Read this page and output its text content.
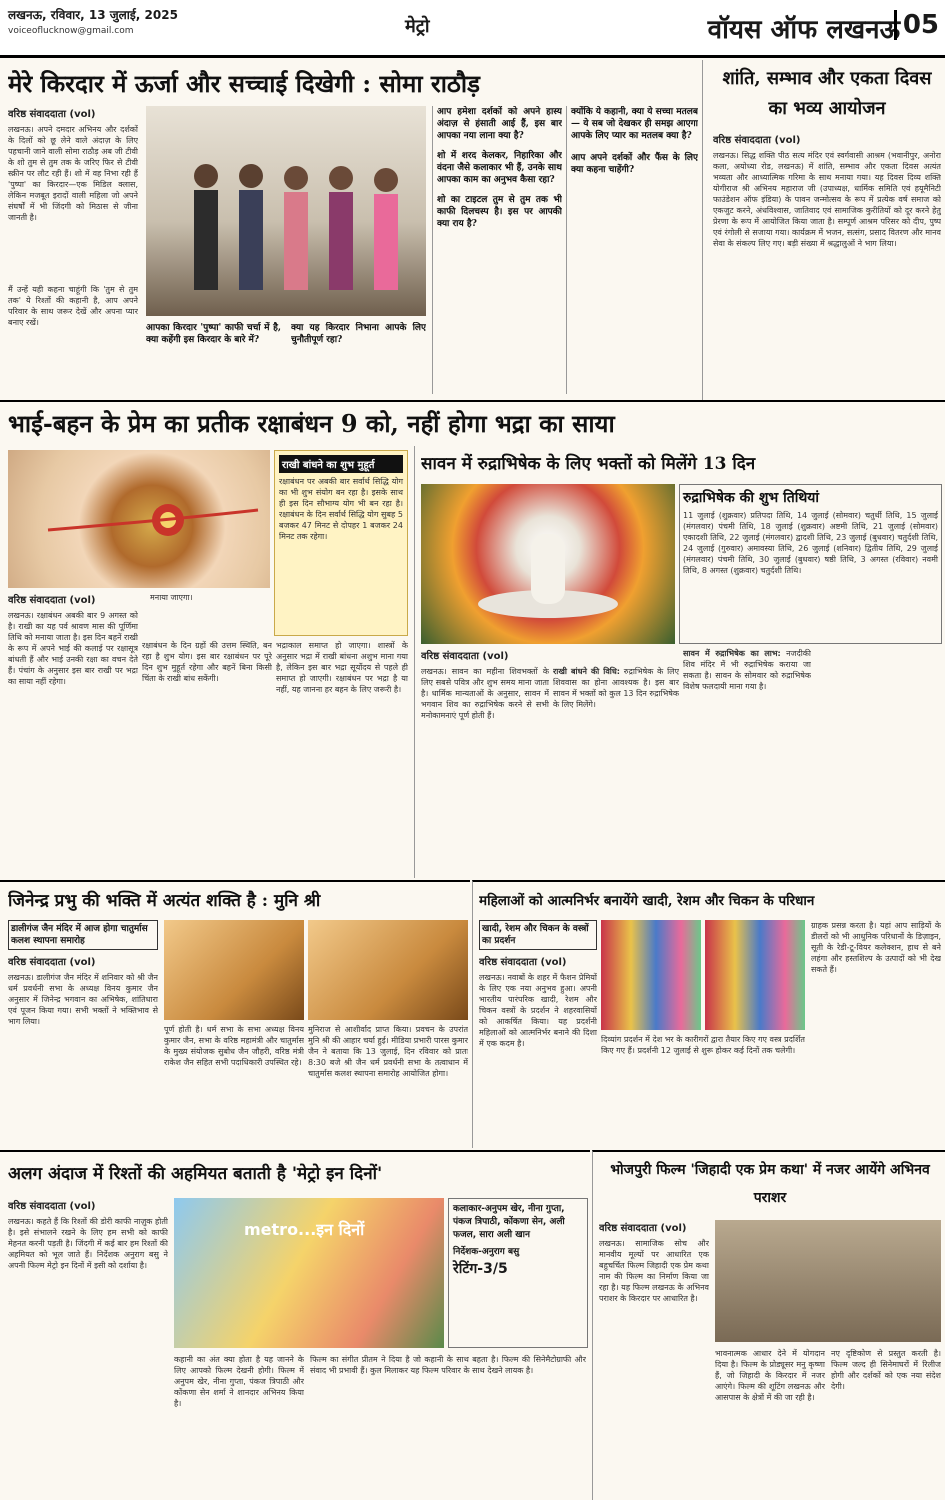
लखनऊ, रविवार, 13 जुलाई, 2025
voiceoflucknow@gmail.com	मेट्रो	वॉयस ऑफ लखनऊ 05
मेरे किरदार में ऊर्जा और सच्चाई दिखेगी : सोमा राठौड़
वरिष्ठ संवाददाता (vol)
लखनऊ। अपने दमदार अभिनय और दर्शकों के दिलों को छू लेने वाले अंदाज़ के लिए पहचानी जाने वाली सोमा राठौड़ अब जी टीवी के शो तुम से तुम तक के जरिए फिर से टीवी स्क्रीन पर लौट रही हैं। शो में वह निभा रही हैं 'पुष्पा' का किरदार—एक मिडिल क्लास, लेकिन मजबूत इरादों वाली महिला जो अपने संघर्षों में भी जिंदगी को मिठास से जीना जानती है।
मैं उन्हें यही कहना चाहूंगी कि 'तुम से तुम तक' ये रिश्तों की कहानी है, आप अपने परिवार के साथ जरूर देखें और अपना प्यार बनाए रखें।
आपका किरदार 'पुष्पा' काफी चर्चा में है, क्या कहेंगी इस किरदार के बारे में?
क्या यह किरदार निभाना आपके लिए चुनौतीपूर्ण रहा?
आप हमेशा दर्शकों को अपने हास्य अंदाज़ से हंसाती आई हैं, इस बार आपका नया लाना क्या है?
शो में शरद केलकर, निहारिका और वंदना जैसे कलाकार भी हैं, उनके साथ आपका काम का अनुभव कैसा रहा?
शो का टाइटल तुम से तुम तक भी काफी दिलचस्प है। इस पर आपकी क्या राय है?
क्योंकि ये कहानी, क्या ये सच्चा मतलब— ये सब जो देखकर ही समझ आएगा आपके लिए प्यार का मतलब क्या है?
आप अपने दर्शकों और फैंस के लिए क्या कहना चाहेंगी?
शांति, सम्भाव और एकता दिवस का भव्य आयोजन
वरिष्ठ संवाददाता (vol)
लखनऊ। सिद्ध शक्ति पीठ सत्य मंदिर एवं स्वर्गवासी आश्रम (भवानीपुर, अनोरा कला, अयोध्या रोड, लखनऊ) में शांति, सम्भाव और एकता दिवस अत्यंत भव्यता और आध्यात्मिक गरिमा के साथ मनाया गया। यह दिवस दिव्य शक्ति योगीराज श्री अभिनय महाराज जी (उपाध्यक्ष, धार्मिक समिति एवं हयूमैनिटी फाउंडेशन ऑफ इंडिया) के पावन जन्मोत्सव के रूप में प्रत्येक वर्ष समाज को एकजुट करने, अंधविश्वास, जातिवाद एवं सामाजिक कुरीतियों को दूर करने हेतु प्रेरणा के रूप में आयोजित किया जाता है। सम्पूर्ण आश्रम परिसर को दीप, पुष्प एवं रंगोली से सजाया गया। कार्यक्रम में भजन, सत्संग, प्रसाद वितरण और मानव सेवा के संकल्प लिए गए। बड़ी संख्या में श्रद्धालुओं ने भाग लिया।
भाई-बहन के प्रेम का प्रतीक रक्षाबंधन 9 को, नहीं होगा भद्रा का साया
राखी बांधने का शुभ मुहूर्त
रक्षाबंधन पर अबकी बार सर्वार्थ सिद्धि योग का भी शुभ संयोग बन रहा है। इसके साथ ही इस दिन सौभाग्य योग भी बन रहा है। रक्षाबंधन के दिन सर्वार्थ सिद्धि योग सुबह 5 बजकर 47 मिनट से दोपहर 1 बजकर 24 मिनट तक रहेगा।
वरिष्ठ संवाददाता (vol)	मनाया जाएगा।
लखनऊ। रक्षाबंधन अबकी बार 9 अगस्त को है। राखी का यह पर्व श्रावण मास की पूर्णिमा तिथि को मनाया जाता है। इस दिन बहनें राखी के रूप में अपने भाई की कलाई पर रक्षासूत्र बांधती हैं और भाई उनकी रक्षा का वचन देते हैं। पंचांग के अनुसार इस बार राखी पर भद्रा का साया नहीं रहेगा।
रक्षाबंधन के दिन ग्रहों की उत्तम स्थिति, बन रहा है शुभ योग। इस बार रक्षाबंधन पर पूरे दिन शुभ मुहूर्त रहेगा और बहनें बिना किसी चिंता के राखी बांध सकेंगी।
भद्राकाल समाप्त हो जाएगा। शास्त्रों के अनुसार भद्रा में राखी बांधना अशुभ माना गया है, लेकिन इस बार भद्रा सूर्योदय से पहले ही समाप्त हो जाएगी। रक्षाबंधन पर भद्रा है या नहीं, यह जानना हर बहन के लिए जरूरी है।
सावन में रुद्राभिषेक के लिए भक्तों को मिलेंगे 13 दिन
रुद्राभिषेक की शुभ तिथियां
11 जुलाई (शुक्रवार) प्रतिपदा तिथि, 14 जुलाई (सोमवार) चतुर्थी तिथि, 15 जुलाई (मंगलवार) पंचमी तिथि, 18 जुलाई (शुक्रवार) अष्टमी तिथि, 21 जुलाई (सोमवार) एकादशी तिथि, 22 जुलाई (मंगलवार) द्वादशी तिथि, 23 जुलाई (बुधवार) चतुर्दशी तिथि, 24 जुलाई (गुरुवार) अमावस्या तिथि, 26 जुलाई (शनिवार) द्वितीय तिथि, 29 जुलाई (मंगलवार) पंचमी तिथि, 30 जुलाई (बुधवार) षष्ठी तिथि, 3 अगस्त (रविवार) नवमी तिथि, 8 अगस्त (शुक्रवार) चतुर्दशी तिथि।
वरिष्ठ संवाददाता (vol)
लखनऊ। सावन का महीना शिवभक्तों के लिए सबसे पवित्र और शुभ समय माना जाता है। धार्मिक मान्यताओं के अनुसार, सावन में भगवान शिव का रुद्राभिषेक करने से सभी मनोकामनाएं पूर्ण होती हैं।
राखी बांधने की विधि: रुद्राभिषेक के लिए शिववास का होना आवश्यक है। इस बार सावन में भक्तों को कुल 13 दिन रुद्राभिषेक के लिए मिलेंगे।
सावन में रुद्राभिषेक का लाभ: नजदीकी शिव मंदिर में भी रुद्राभिषेक कराया जा सकता है। सावन के सोमवार को रुद्राभिषेक विशेष फलदायी माना गया है।
जिनेन्द्र प्रभु की भक्ति में अत्यंत शक्ति है : मुनि श्री
डालीगंज जैन मंदिर में आज होगा चातुर्मास कलश स्थापना समारोह
वरिष्ठ संवाददाता (vol)
लखनऊ। डालीगंज जैन मंदिर में शनिवार को श्री जैन धर्म प्रवर्धनी सभा के अध्यक्ष विनय कुमार जैन अनुसार में जिनेन्द्र भगवान का अभिषेक, शांतिधारा एवं पूजन किया गया। सभी भक्तों ने भक्तिभाव से भाग लिया।
पूर्ण होती है। धर्म सभा के सभा अध्यक्ष विनय कुमार जैन, सभा के वरिष्ठ महामंत्री और चातुर्मास के मुख्य संयोजक सुबोध जैन जौहरी, वरिष्ठ मंत्री राकेश जैन सहित सभी पदाधिकारी उपस्थित रहे।
मुनिराज से आशीर्वाद प्राप्त किया। प्रवचन के उपरांत मुनि श्री की आहार चर्या हुई। मीडिया प्रभारी पारस कुमार जैन ने बताया कि 13 जुलाई, दिन रविवार को प्रातः 8:30 बजे श्री जैन धर्म प्रवर्धनी सभा के तत्वाधान में चातुर्मास कलश स्थापना समारोह आयोजित होगा।
महिलाओं को आत्मनिर्भर बनायेंगे खादी, रेशम और चिकन के परिधान
खादी, रेशम और चिकन के वस्त्रों का प्रदर्शन
वरिष्ठ संवाददाता (vol)
लखनऊ। नवाबों के शहर में फैशन प्रेमियों के लिए एक नया अनुभव हुआ। अपनी भारतीय पारंपरिक खादी, रेशम और चिकन वस्त्रों के प्रदर्शन ने शहरवासियों को आकर्षित किया। यह प्रदर्शनी महिलाओं को आत्मनिर्भर बनाने की दिशा में एक कदम है।	दिव्यांग प्रदर्शन में देश भर के कारीगरों द्वारा तैयार किए गए वस्त्र प्रदर्शित किए गए हैं। प्रदर्शनी 12 जुलाई से शुरू होकर कई दिनों तक चलेगी।
ग्राहक प्रसन्न करता है। यहां आप साड़ियों के डीलरों को भी आधुनिक परिधानों के डिज़ाइन, सूती के रेडी-टू-वियर कलेक्शन, हाथ से बने लहंगा और हस्तशिल्प के उत्पादों को भी देख सकते हैं।
अलग अंदाज में रिश्तों की अहमियत बताती है 'मेट्रो इन दिनों'
वरिष्ठ संवाददाता (vol)
लखनऊ। कहते हैं कि रिश्तों की डोरी काफी नाज़ुक होती है। इसे संभालने रखने के लिए हम सभी को काफी मेहनत करनी पड़ती है। जिंदगी में कई बार हम रिश्तों की अहमियत को भूल जाते हैं। निर्देशक अनुराग बसु ने अपनी फिल्म मेट्रो इन दिनों में इसी को दर्शाया है।
metro...इन दिनों
कलाकार-अनुपम खेर, नीना गुप्ता, पंकज त्रिपाठी, कोंकणा सेन, अली फजल, सारा अली खान
निर्देशक-अनुराग बसु
रेटिंग-3/5
कहानी का अंत क्या होता है यह जानने के लिए आपको फिल्म देखनी होगी। फिल्म में अनुपम खेर, नीना गुप्ता, पंकज त्रिपाठी और कोंकणा सेन शर्मा ने शानदार अभिनय किया है।
फिल्म का संगीत प्रीतम ने दिया है जो कहानी के साथ बहता है। फिल्म की सिनेमैटोग्राफी और संवाद भी प्रभावी हैं। कुल मिलाकर यह फिल्म परिवार के साथ देखने लायक है।
भोजपुरी फिल्म 'जिहादी एक प्रेम कथा' में नजर आयेंगे अभिनव पराशर
वरिष्ठ संवाददाता (vol)
लखनऊ। सामाजिक सोच और मानवीय मूल्यों पर आधारित एक बहुचर्चित फिल्म जिहादी एक प्रेम कथा नाम की फिल्म का निर्माण किया जा रहा है। यह फिल्म लखनऊ के अभिनव पराशर के किरदार पर आधारित है।
भावनात्मक आधार देने में योगदान दिया है। फिल्म के प्रोड्यूसर मनु कृष्णा हैं, जो जिहादी के किरदार में नजर आएंगे। फिल्म की शूटिंग लखनऊ और आसपास के क्षेत्रों में की जा रही है।
नए दृष्टिकोण से प्रस्तुत करती है। फिल्म जल्द ही सिनेमाघरों में रिलीज होगी और दर्शकों को एक नया संदेश देगी।
